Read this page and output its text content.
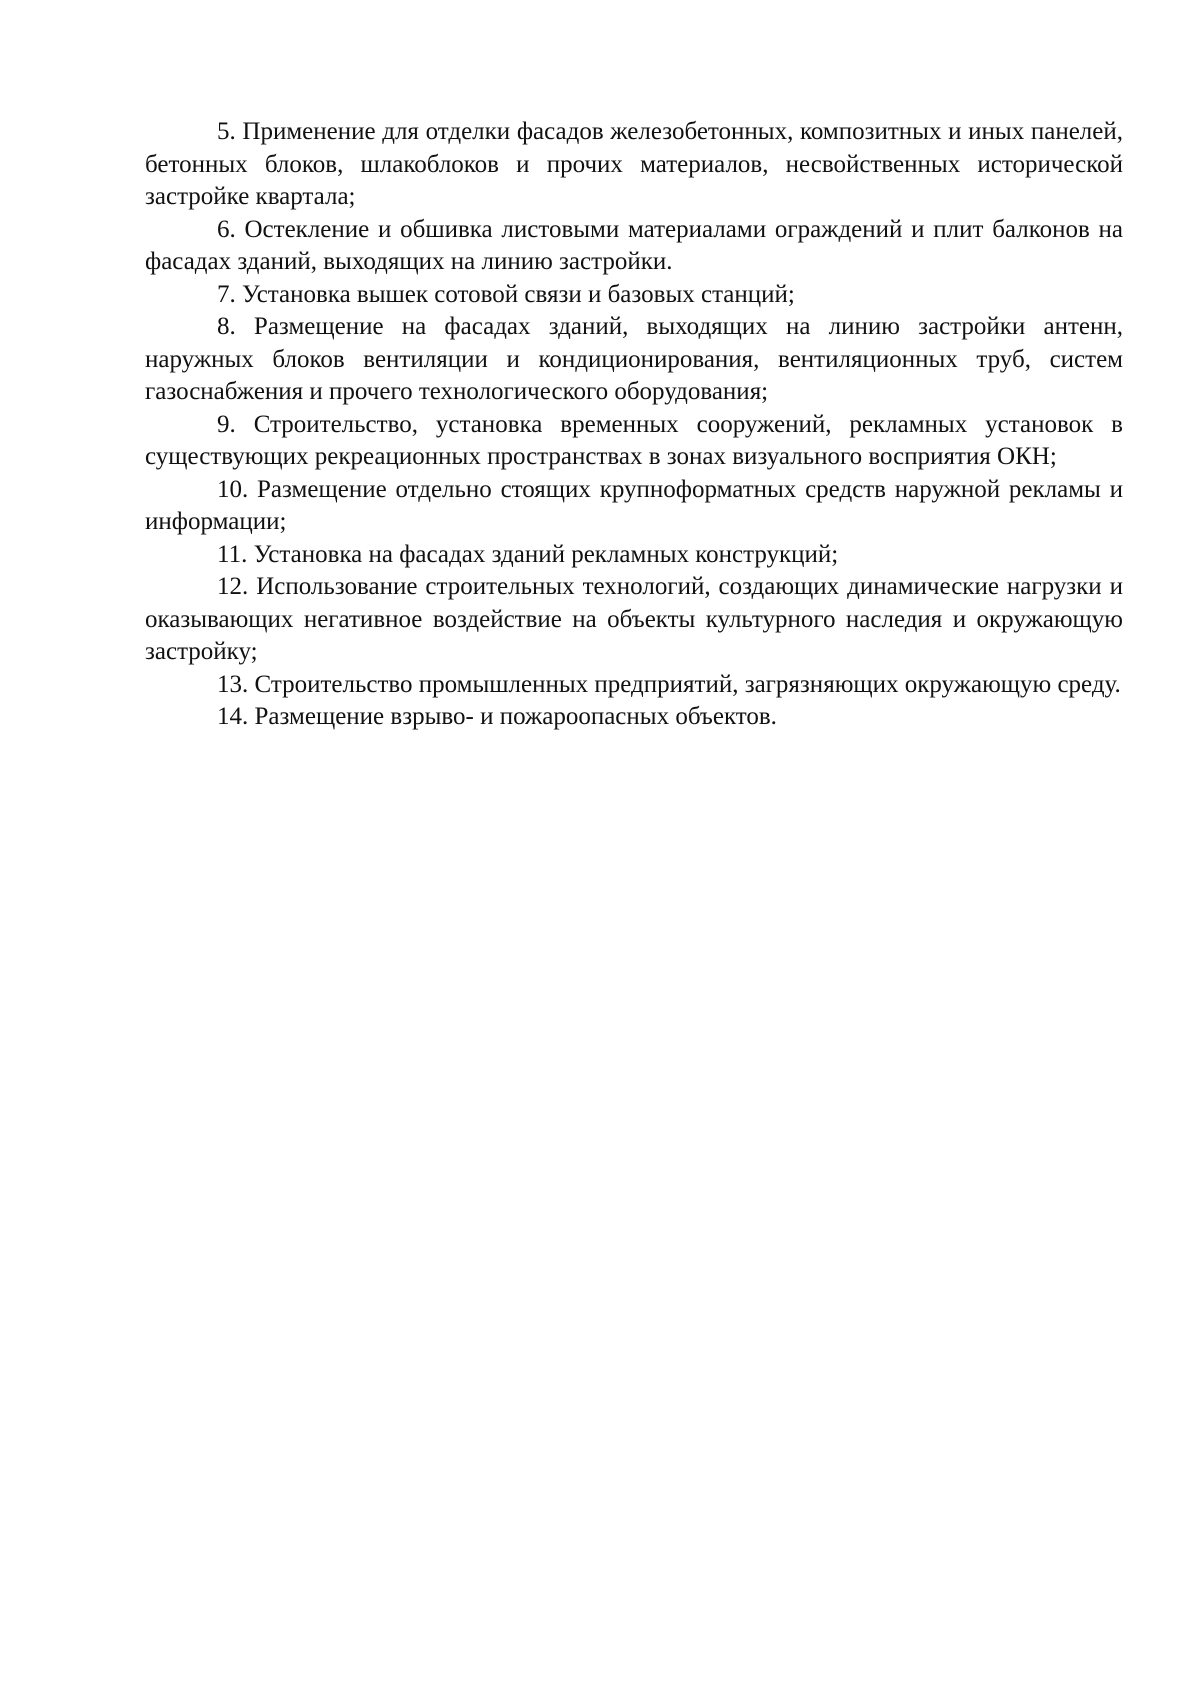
5. Применение для отделки фасадов железобетонных, композитных и иных панелей, бетонных блоков, шлакоблоков и прочих материалов, несвойственных исторической застройке квартала;

6. Остекление и обшивка листовыми материалами ограждений и плит балконов на фасадах зданий, выходящих на линию застройки.

7. Установка вышек сотовой связи и базовых станций;

8. Размещение на фасадах зданий, выходящих на линию застройки антенн, наружных блоков вентиляции и кондиционирования, вентиляционных труб, систем газоснабжения и прочего технологического оборудования;

9. Строительство, установка временных сооружений, рекламных установок в существующих рекреационных пространствах в зонах визуального восприятия ОКН;

10. Размещение отдельно стоящих крупноформатных средств наружной рекламы и информации;

11. Установка на фасадах зданий рекламных конструкций;

12. Использование строительных технологий, создающих динамические нагрузки и оказывающих негативное воздействие на объекты культурного наследия и окружающую застройку;

13. Строительство промышленных предприятий, загрязняющих окружающую среду.

14. Размещение взрыво- и пожароопасных объектов.
